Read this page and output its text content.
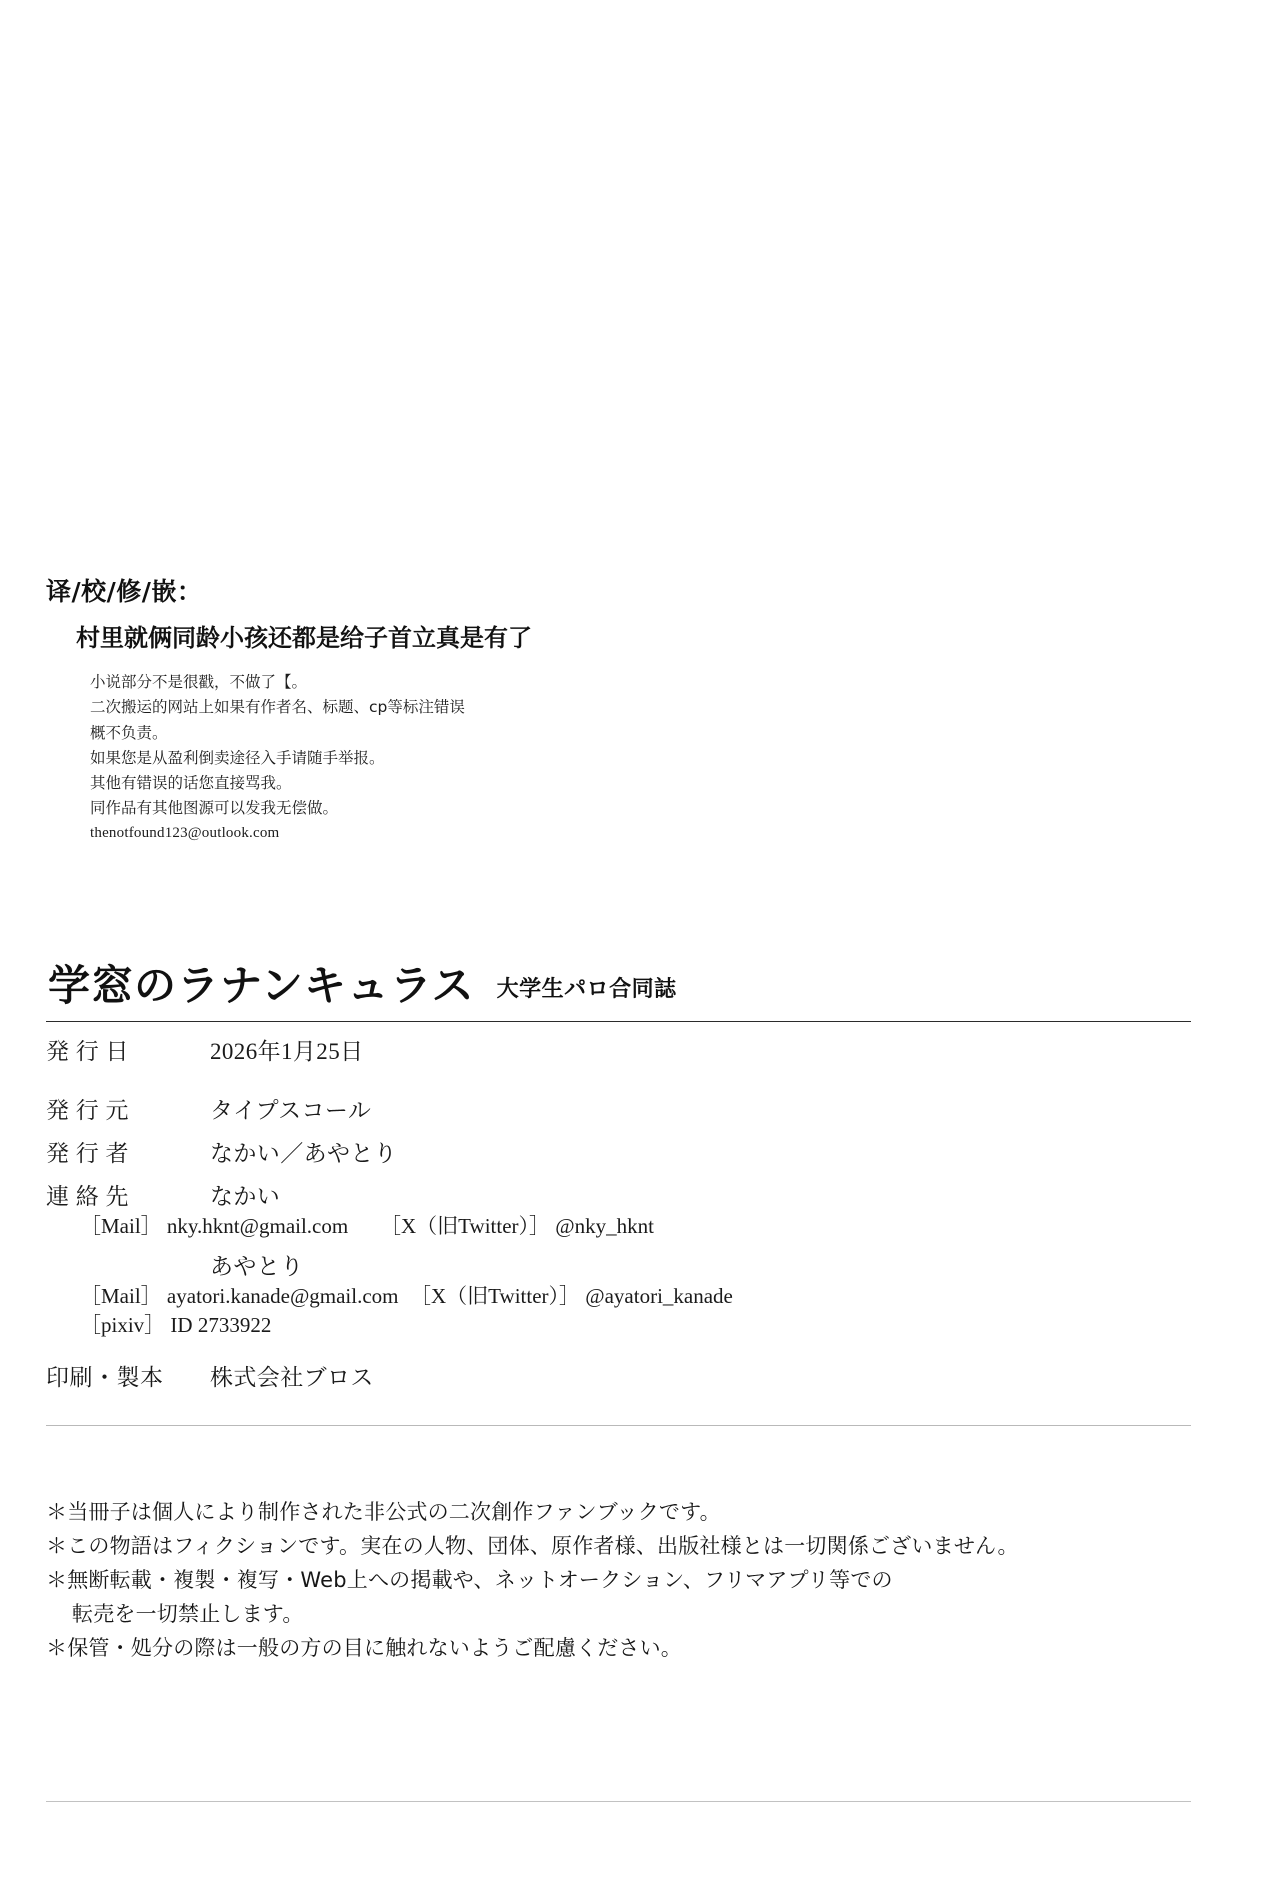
译/校/修/嵌：
村里就俩同龄小孩还都是给子首立真是有了
小说部分不是很戳，不做了【。
二次搬运的网站上如果有作者名、标题、cp等标注错误
概不负责。
如果您是从盈利倒卖途径入手请随手举报。
其他有错误的话您直接骂我。
同作品有其他图源可以发我无偿做。
thenotfound123@outlook.com
学窓のラナンキュラス 大学生パロ合同誌
発 行 日	2026年1月25日
発 行 元	タイプスコール
発 行 者	なかい／あやとり
連 絡 先	なかい
［Mail］ nky.hknt@gmail.com	［X（旧Twitter）］ @nky_hknt
あやとり
［Mail］ ayatori.kanade@gmail.com ［X（旧Twitter）］ @ayatori_kanade
［pixiv］ ID 2733922
印刷・製本	株式会社ブロス
＊当冊子は個人により制作された非公式の二次創作ファンブックです。
＊この物語はフィクションです。実在の人物、団体、原作者様、出版社様とは一切関係ございません。
＊無断転載・複製・複写・Web上への掲載や、ネットオークション、フリマアプリ等での
転売を一切禁止します。
＊保管・処分の際は一般の方の目に触れないようご配慮ください。
